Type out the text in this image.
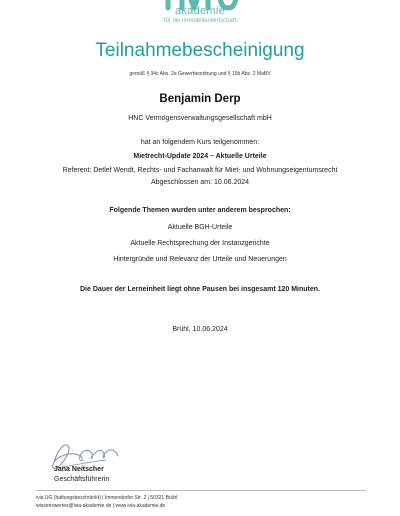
akademie
für die immobilienwirtschaft
Teilnahmebescheinigung
gemäß § 34c Abs. 2a Gewerbeordnung und § 15b Abs. 2 MaBV
Benjamin Derp
HNC Vermögensverwaltungsgesellschaft mbH
hat an folgendem Kurs teilgenommen:
Mietrecht-Update 2024 – Aktuelle Urteile
Referent: Detlef Wendt, Rechts- und Fachanwalt für Miet- und Wohnungseigentumsrecht
Abgeschlossen am: 10.06.2024
Folgende Themen wurden unter anderem besprochen:
Aktuelle BGH-Urteile
Aktuelle Rechtsprechung der Instanzgerichte
Hintergründe und Relevanz der Urteile und Neuerungen
Die Dauer der Lerneinheit liegt ohne Pausen bei insgesamt 120 Minuten.
Brühl, 10.06.2024
Jana Neitscher
Geschäftsführerin
ivia UG (haftungsbeschränkt) | Immendorfer Str. 2 | 50321 Brühl
wissenswertes@ivia-akademie.de | www.ivia-akademie.de
